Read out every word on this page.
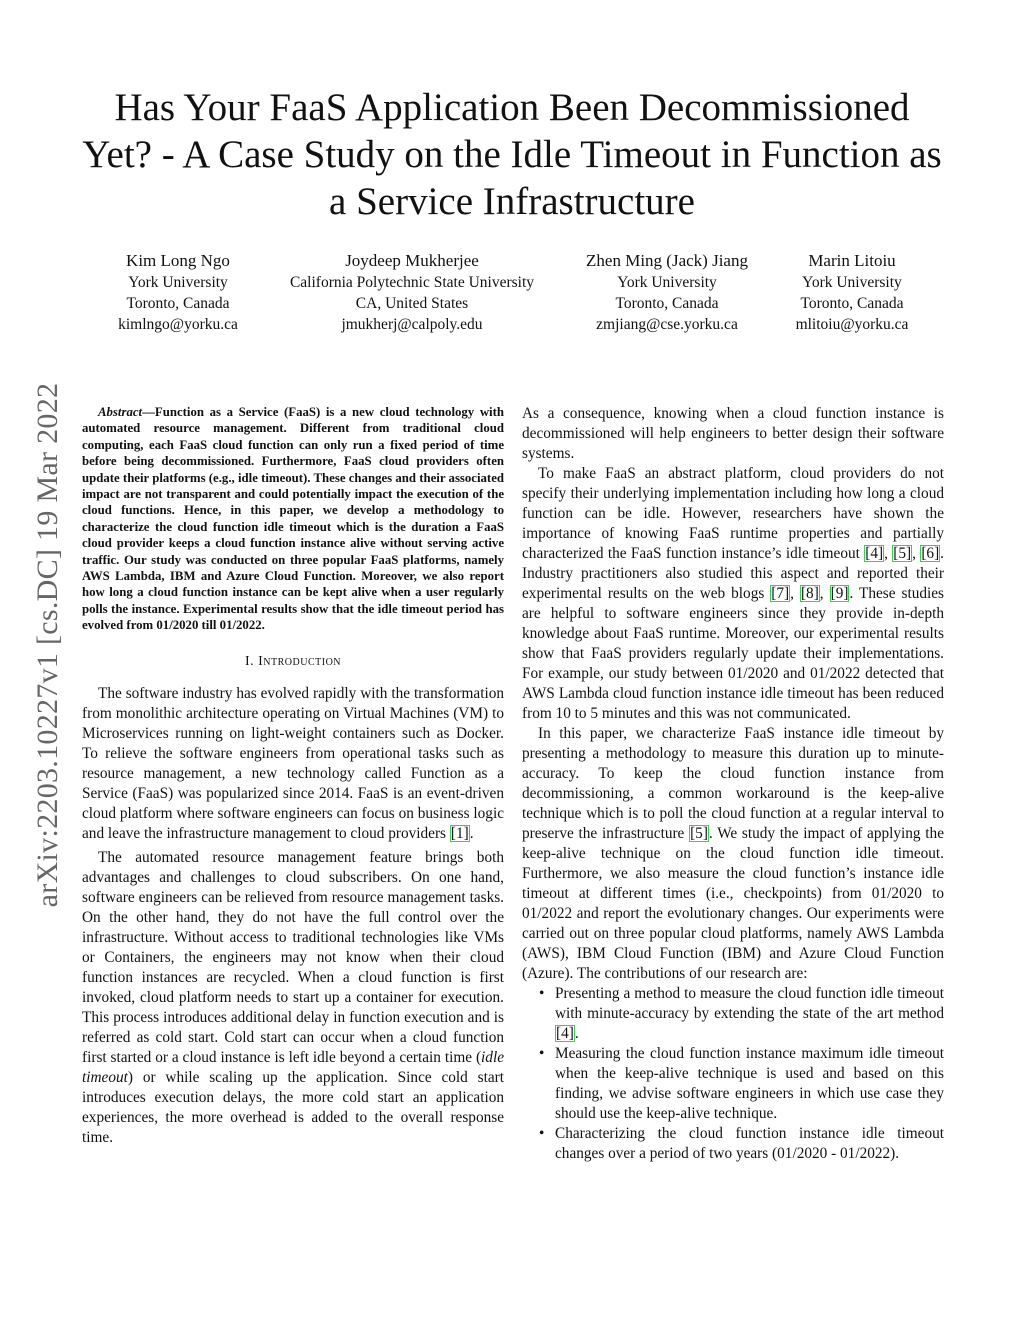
arXiv:2203.10227v1 [cs.DC] 19 Mar 2022
Has Your FaaS Application Been Decommissioned Yet? - A Case Study on the Idle Timeout in Function as a Service Infrastructure
Kim Long Ngo
York University
Toronto, Canada
kimlngo@yorku.ca
Joydeep Mukherjee
California Polytechnic State University
CA, United States
jmukherj@calpoly.edu
Zhen Ming (Jack) Jiang
York University
Toronto, Canada
zmjiang@cse.yorku.ca
Marin Litoiu
York University
Toronto, Canada
mlitoiu@yorku.ca

Abstract—Function as a Service (FaaS) is a new cloud technology with automated resource management. Different from traditional cloud computing, each FaaS cloud function can only run a fixed period of time before being decommissioned. Furthermore, FaaS cloud providers often update their platforms (e.g., idle timeout). These changes and their associated impact are not transparent and could potentially impact the execution of the cloud functions. Hence, in this paper, we develop a methodology to characterize the cloud function idle timeout which is the duration a FaaS cloud provider keeps a cloud function instance alive without serving active traffic. Our study was conducted on three popular FaaS platforms, namely AWS Lambda, IBM and Azure Cloud Function. Moreover, we also report how long a cloud function instance can be kept alive when a user regularly polls the instance. Experimental results show that the idle timeout period has evolved from 01/2020 till 01/2022.

I. Introduction

The software industry has evolved rapidly with the transformation from monolithic architecture operating on Virtual Machines (VM) to Microservices running on light-weight containers such as Docker. To relieve the software engineers from operational tasks such as resource management, a new technology called Function as a Service (FaaS) was popularized since 2014. FaaS is an event-driven cloud platform where software engineers can focus on business logic and leave the infrastructure management to cloud providers [1].

The automated resource management feature brings both advantages and challenges to cloud subscribers. On one hand, software engineers can be relieved from resource management tasks. On the other hand, they do not have the full control over the infrastructure. Without access to traditional technologies like VMs or Containers, the engineers may not know when their cloud function instances are recycled. When a cloud function is first invoked, cloud platform needs to start up a container for execution. This process introduces additional delay in function execution and is referred as cold start. Cold start can occur when a cloud function first started or a cloud instance is left idle beyond a certain time (idle timeout) or while scaling up the application. Since cold start introduces execution delays, the more cold start an application experiences, the more overhead is added to the overall response time.

As a consequence, knowing when a cloud function instance is decommissioned will help engineers to better design their software systems.

To make FaaS an abstract platform, cloud providers do not specify their underlying implementation including how long a cloud function can be idle. However, researchers have shown the importance of knowing FaaS runtime properties and partially characterized the FaaS function instance’s idle timeout [4], [5], [6]. Industry practitioners also studied this aspect and reported their experimental results on the web blogs [7], [8], [9]. These studies are helpful to software engineers since they provide in-depth knowledge about FaaS runtime. Moreover, our experimental results show that FaaS providers regularly update their implementations. For example, our study between 01/2020 and 01/2022 detected that AWS Lambda cloud function instance idle timeout has been reduced from 10 to 5 minutes and this was not communicated.

In this paper, we characterize FaaS instance idle timeout by presenting a methodology to measure this duration up to minute-accuracy. To keep the cloud function instance from decommissioning, a common workaround is the keep-alive technique which is to poll the cloud function at a regular interval to preserve the infrastructure [5]. We study the impact of applying the keep-alive technique on the cloud function idle timeout. Furthermore, we also measure the cloud function’s instance idle timeout at different times (i.e., checkpoints) from 01/2020 to 01/2022 and report the evolutionary changes. Our experiments were carried out on three popular cloud platforms, namely AWS Lambda (AWS), IBM Cloud Function (IBM) and Azure Cloud Function (Azure). The contributions of our research are:

• Presenting a method to measure the cloud function idle timeout with minute-accuracy by extending the state of the art method [4].
• Measuring the cloud function instance maximum idle timeout when the keep-alive technique is used and based on this finding, we advise software engineers in which use case they should use the keep-alive technique.
• Characterizing the cloud function instance idle timeout changes over a period of two years (01/2020 - 01/2022).
